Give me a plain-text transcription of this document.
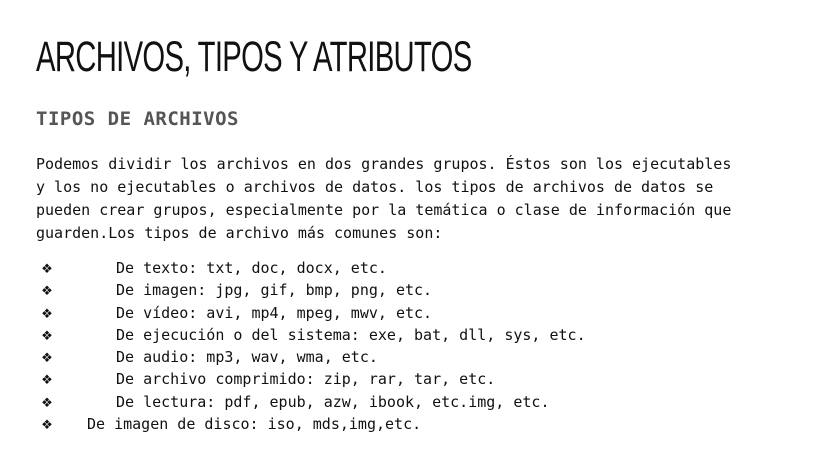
ARCHIVOS, TIPOS Y ATRIBUTOS
TIPOS DE ARCHIVOS

Podemos dividir los archivos en dos grandes grupos. Éstos son los ejecutables
y los no ejecutables o archivos de datos. los tipos de archivos de datos se
pueden crear grupos, especialmente por la temática o clase de información que
guarden.Los tipos de archivo más comunes son:

❖	De texto: txt, doc, docx, etc.
❖	De imagen: jpg, gif, bmp, png, etc.
❖	De vídeo: avi, mp4, mpeg, mwv, etc.
❖	De ejecución o del sistema: exe, bat, dll, sys, etc.
❖	De audio: mp3, wav, wma, etc.
❖	De archivo comprimido: zip, rar, tar, etc.
❖	De lectura: pdf, epub, azw, ibook, etc.img, etc.
❖ De imagen de disco: iso, mds,img,etc.
